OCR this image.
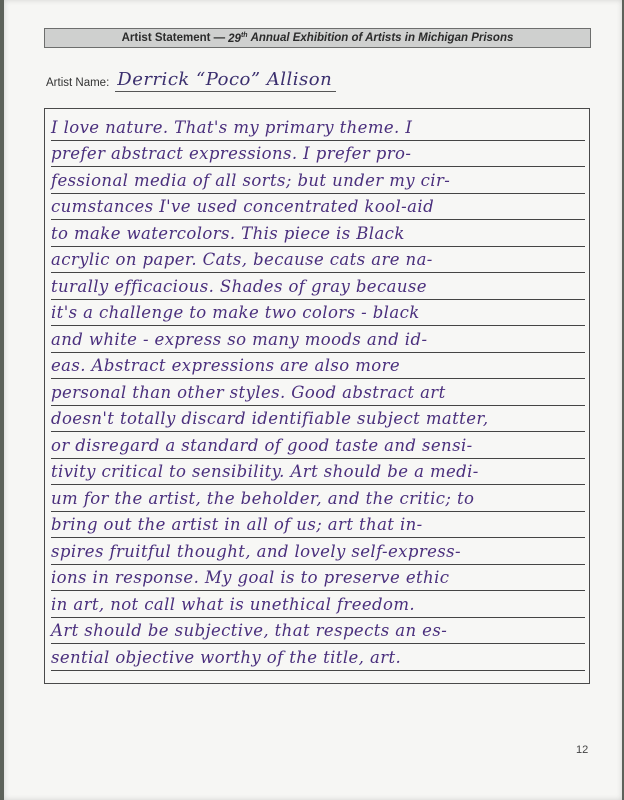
Artist Statement — 29th Annual Exhibition of Artists in Michigan Prisons
Artist Name: Derrick “Poco” Allison
I love nature. That's my primary theme. I
prefer abstract expressions. I prefer pro-
fessional media of all sorts; but under my cir-
cumstances I've used concentrated kool-aid
to make watercolors. This piece is Black
acrylic on paper. Cats, because cats are na-
turally efficacious. Shades of gray because
it's a challenge to make two colors - black
and white - express so many moods and id-
eas. Abstract expressions are also more
personal than other styles. Good abstract art
doesn't totally discard identifiable subject matter,
or disregard a standard of good taste and sensi-
tivity critical to sensibility. Art should be a medi-
um for the artist, the beholder, and the critic; to
bring out the artist in all of us; art that in-
spires fruitful thought, and lovely self-express-
ions in response. My goal is to preserve ethic
in art, not call what is unethical freedom.
Art should be subjective, that respects an es-
sential objective worthy of the title, art.
12
